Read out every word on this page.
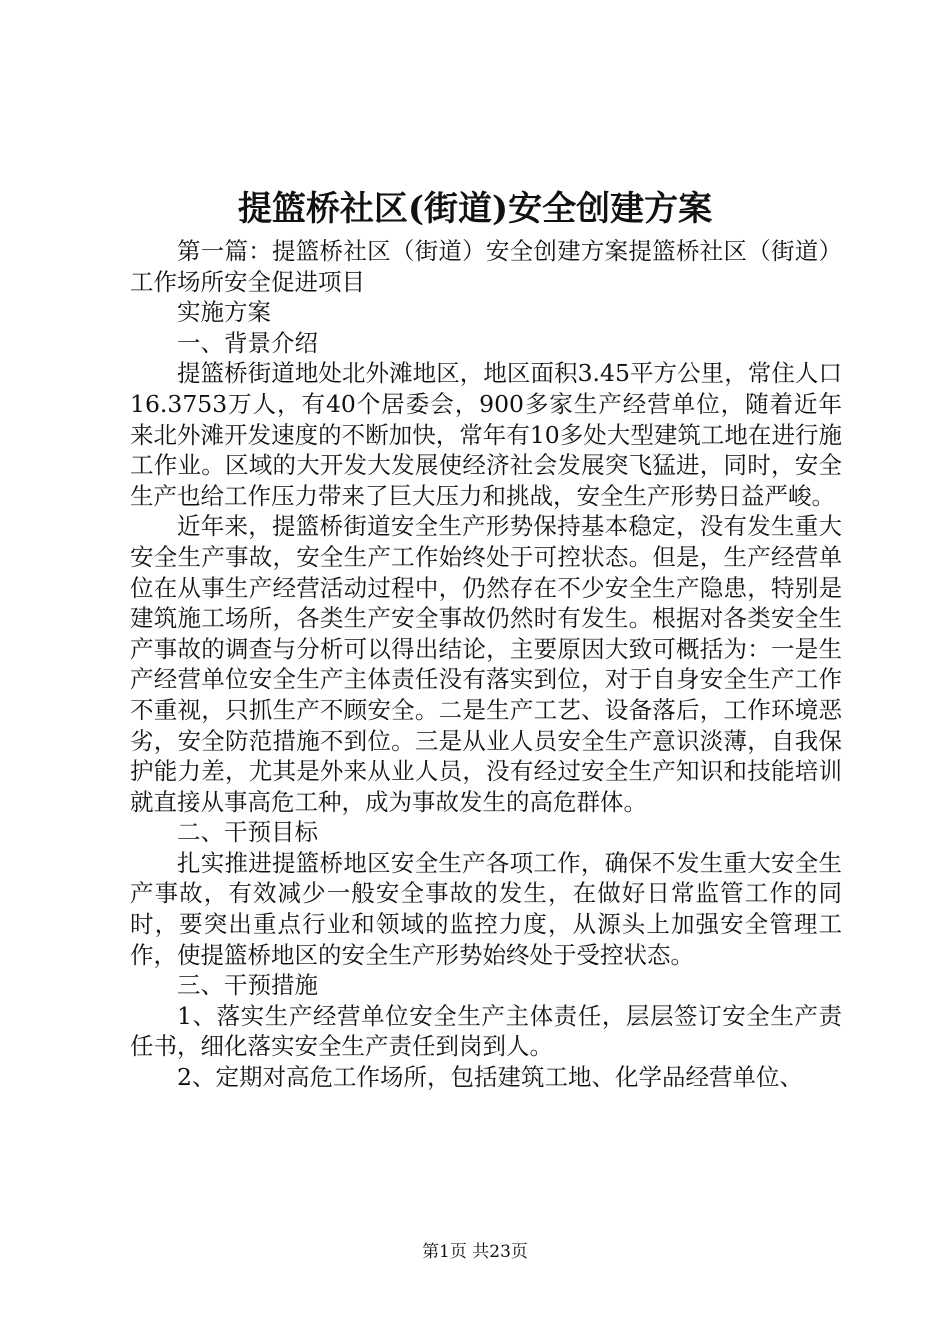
提篮桥社区(街道)安全创建方案

第一篇：提篮桥社区（街道）安全创建方案提篮桥社区（街道）工作场所安全促进项目

实施方案

一、背景介绍

提篮桥街道地处北外滩地区，地区面积3.45平方公里，常住人口16.3753万人，有40个居委会，900多家生产经营单位，随着近年来北外滩开发速度的不断加快，常年有10多处大型建筑工地在进行施工作业。区域的大开发大发展使经济社会发展突飞猛进，同时，安全生产也给工作压力带来了巨大压力和挑战，安全生产形势日益严峻。

近年来，提篮桥街道安全生产形势保持基本稳定，没有发生重大安全生产事故，安全生产工作始终处于可控状态。但是，生产经营单位在从事生产经营活动过程中，仍然存在不少安全生产隐患，特别是建筑施工场所，各类生产安全事故仍然时有发生。根据对各类安全生产事故的调查与分析可以得出结论，主要原因大致可概括为：一是生产经营单位安全生产主体责任没有落实到位，对于自身安全生产工作不重视，只抓生产不顾安全。二是生产工艺、设备落后，工作环境恶劣，安全防范措施不到位。三是从业人员安全生产意识淡薄，自我保护能力差，尤其是外来从业人员，没有经过安全生产知识和技能培训就直接从事高危工种，成为事故发生的高危群体。

二、干预目标

扎实推进提篮桥地区安全生产各项工作，确保不发生重大安全生产事故，有效减少一般安全事故的发生，在做好日常监管工作的同时，要突出重点行业和领域的监控力度，从源头上加强安全管理工作，使提篮桥地区的安全生产形势始终处于受控状态。

三、干预措施

1、落实生产经营单位安全生产主体责任，层层签订安全生产责任书，细化落实安全生产责任到岗到人。

2、定期对高危工作场所，包括建筑工地、化学品经营单位、

第1页 共23页
